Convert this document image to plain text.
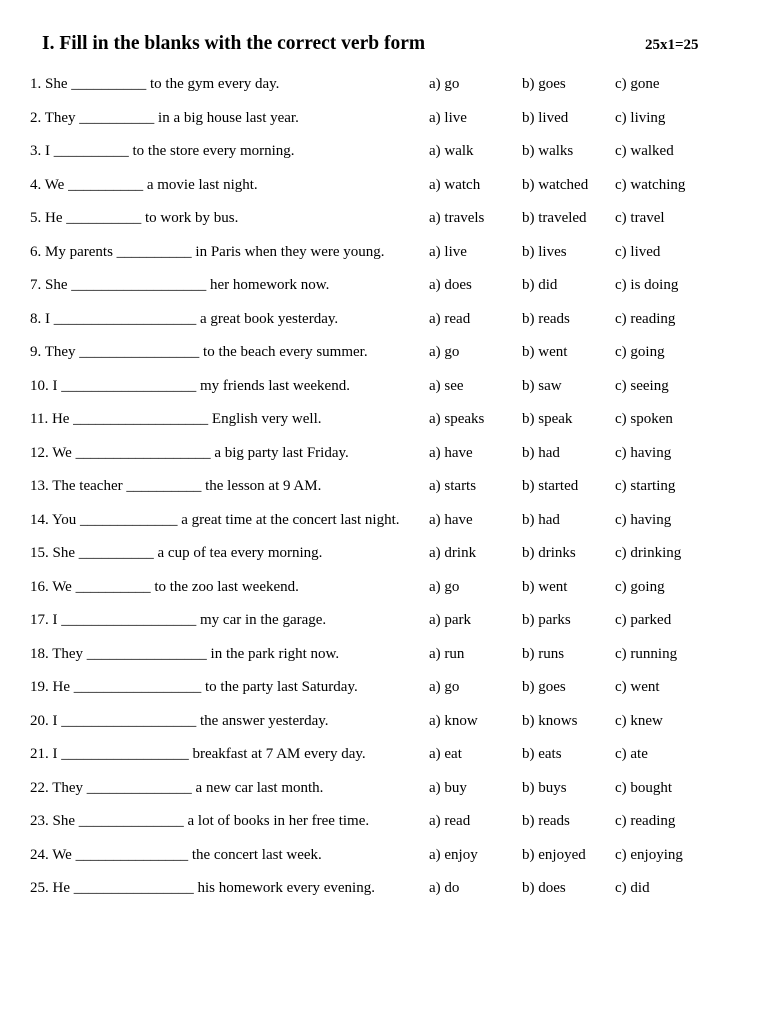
I. Fill in the blanks with the correct verb form	25x1=25
1. She __________ to the gym every day.	a) go	b) goes	c) gone
2. They __________ in a big house last year.	a) live	b) lived	c) living
3. I __________ to the store every morning.	a) walk	b) walks	c) walked
4. We __________ a movie last night.	a) watch	b) watched c) watching
5. He __________ to work by bus.	a) travels	b) traveled c) travel
6. My parents __________ in Paris when they were young.	a) live	b) lives	c) lived
7. She __________________ her homework now.	a) does	b) did	c) is doing
8. I ___________________ a great book yesterday.	a) read	b) reads	c) reading
9. They ________________ to the beach every summer.	a) go	b) went	c) going
10. I __________________ my friends last weekend.	a) see	b) saw	c) seeing
11. He __________________ English very well.	a) speaks	b) speak	c) spoken
12. We __________________ a big party last Friday.	a) have	b) had	c) having
13. The teacher __________ the lesson at 9 AM.	a) starts	b) started c) starting
14. You _____________ a great time at the concert last night. a) have	b) had	c) having
15. She __________ a cup of tea every morning.	a) drink	b) drinks	c) drinking
16. We __________ to the zoo last weekend.	a) go	b) went	c) going
17. I __________________ my car in the garage.	a) park	b) parks	c) parked
18. They ________________ in the park right now.	a) run	b) runs	c) running
19. He _________________ to the party last Saturday.	a) go	b) goes	c) went
20. I __________________ the answer yesterday.	a) know	b) knows	c) knew
21. I _________________ breakfast at 7 AM every day.	a) eat	b) eats	c) ate
22. They ______________ a new car last month.	a) buy	b) buys	c) bought
23. She ______________ a lot of books in her free time.	a) read	b) reads	c) reading
24. We _______________ the concert last week.	a) enjoy	b) enjoyed c) enjoying
25. He ________________ his homework every evening.	a) do	b) does	c) did
